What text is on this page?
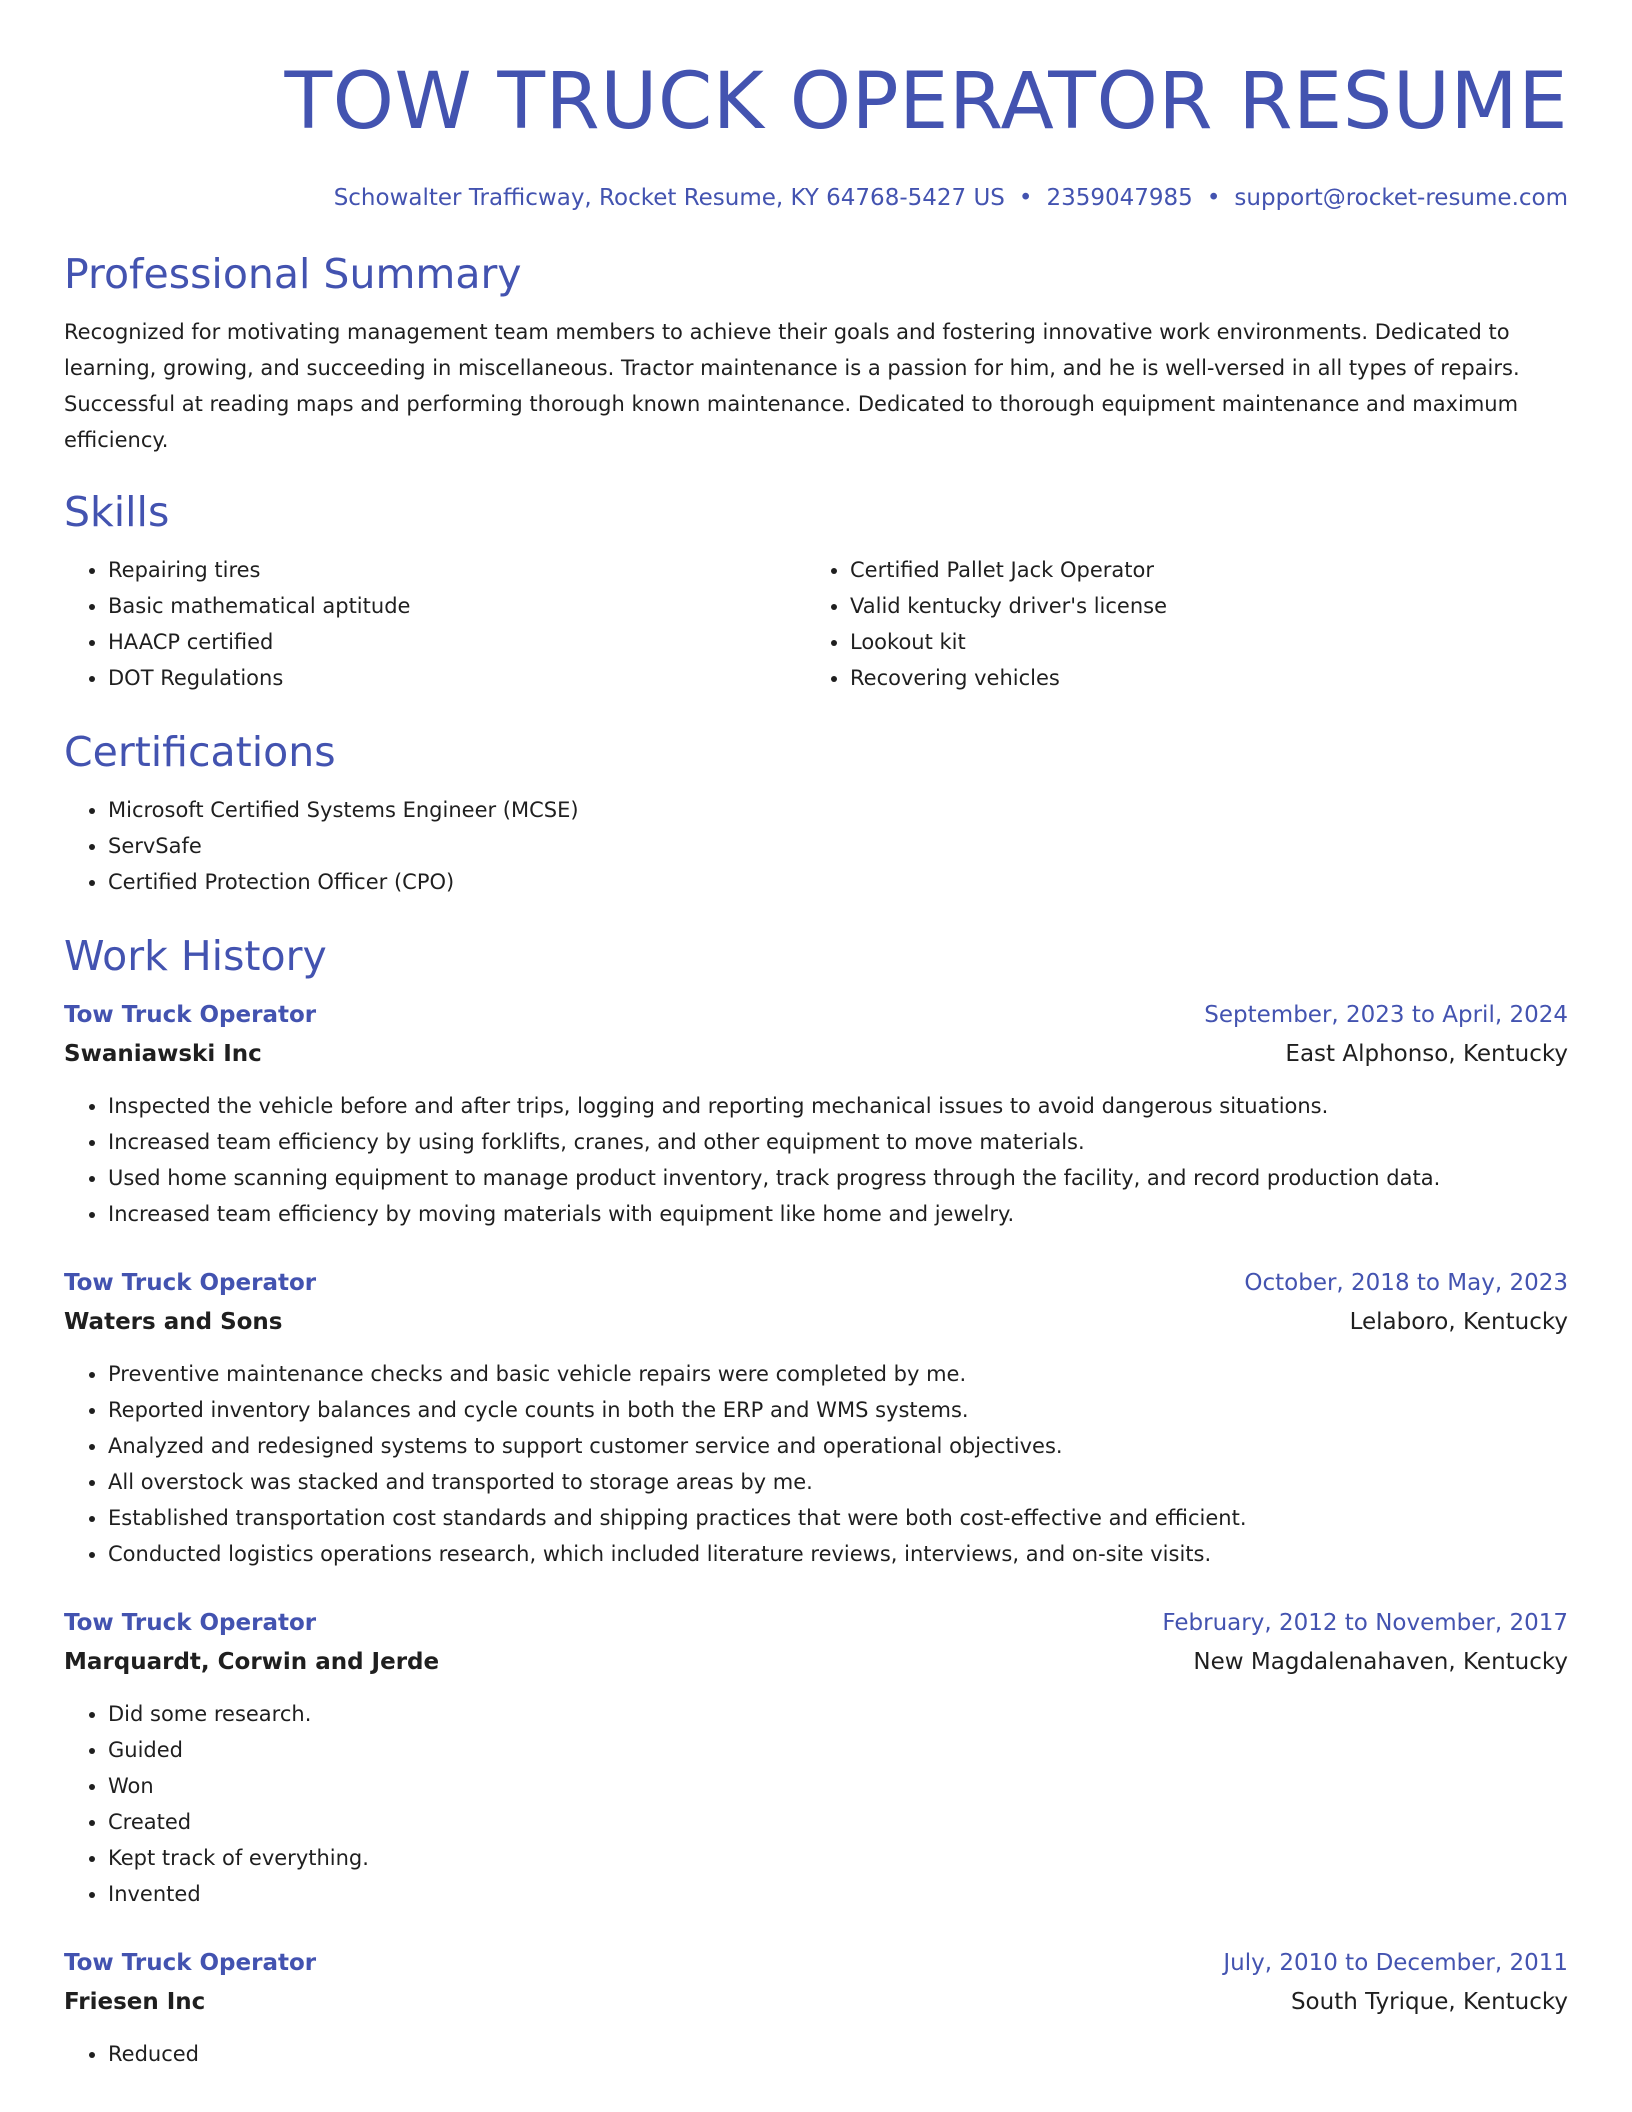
TOW TRUCK OPERATOR RESUME
Schowalter Trafficway, Rocket Resume, KY 64768-5427 US • 2359047985 • support@rocket-resume.com
Professional Summary

Recognized for motivating management team members to achieve their goals and fostering innovative work environments. Dedicated to learning, growing, and succeeding in miscellaneous. Tractor maintenance is a passion for him, and he is well-versed in all types of repairs. Successful at reading maps and performing thorough known maintenance. Dedicated to thorough equipment maintenance and maximum efficiency.

Skills
• Repairing tires
• Basic mathematical aptitude
• HAACP certified
• DOT Regulations
• Certified Pallet Jack Operator
• Valid kentucky driver's license
• Lookout kit
• Recovering vehicles
Certifications
• Microsoft Certified Systems Engineer (MCSE)
• ServSafe
• Certified Protection Officer (CPO)
Work History
Tow Truck Operator	September, 2023 to April, 2024
Swaniawski Inc	East Alphonso, Kentucky
• Inspected the vehicle before and after trips, logging and reporting mechanical issues to avoid dangerous situations.
• Increased team efficiency by using forklifts, cranes, and other equipment to move materials.
• Used home scanning equipment to manage product inventory, track progress through the facility, and record production data.
• Increased team efficiency by moving materials with equipment like home and jewelry.
Tow Truck Operator	October, 2018 to May, 2023
Waters and Sons	Lelaboro, Kentucky
• Preventive maintenance checks and basic vehicle repairs were completed by me.
• Reported inventory balances and cycle counts in both the ERP and WMS systems.
• Analyzed and redesigned systems to support customer service and operational objectives.
• All overstock was stacked and transported to storage areas by me.
• Established transportation cost standards and shipping practices that were both cost-effective and efficient.
• Conducted logistics operations research, which included literature reviews, interviews, and on-site visits.
Tow Truck Operator	February, 2012 to November, 2017
Marquardt, Corwin and Jerde	New Magdalenahaven, Kentucky
• Did some research.
• Guided
• Won
• Created
• Kept track of everything.
• Invented
Tow Truck Operator	July, 2010 to December, 2011
Friesen Inc	South Tyrique, Kentucky
• Reduced
